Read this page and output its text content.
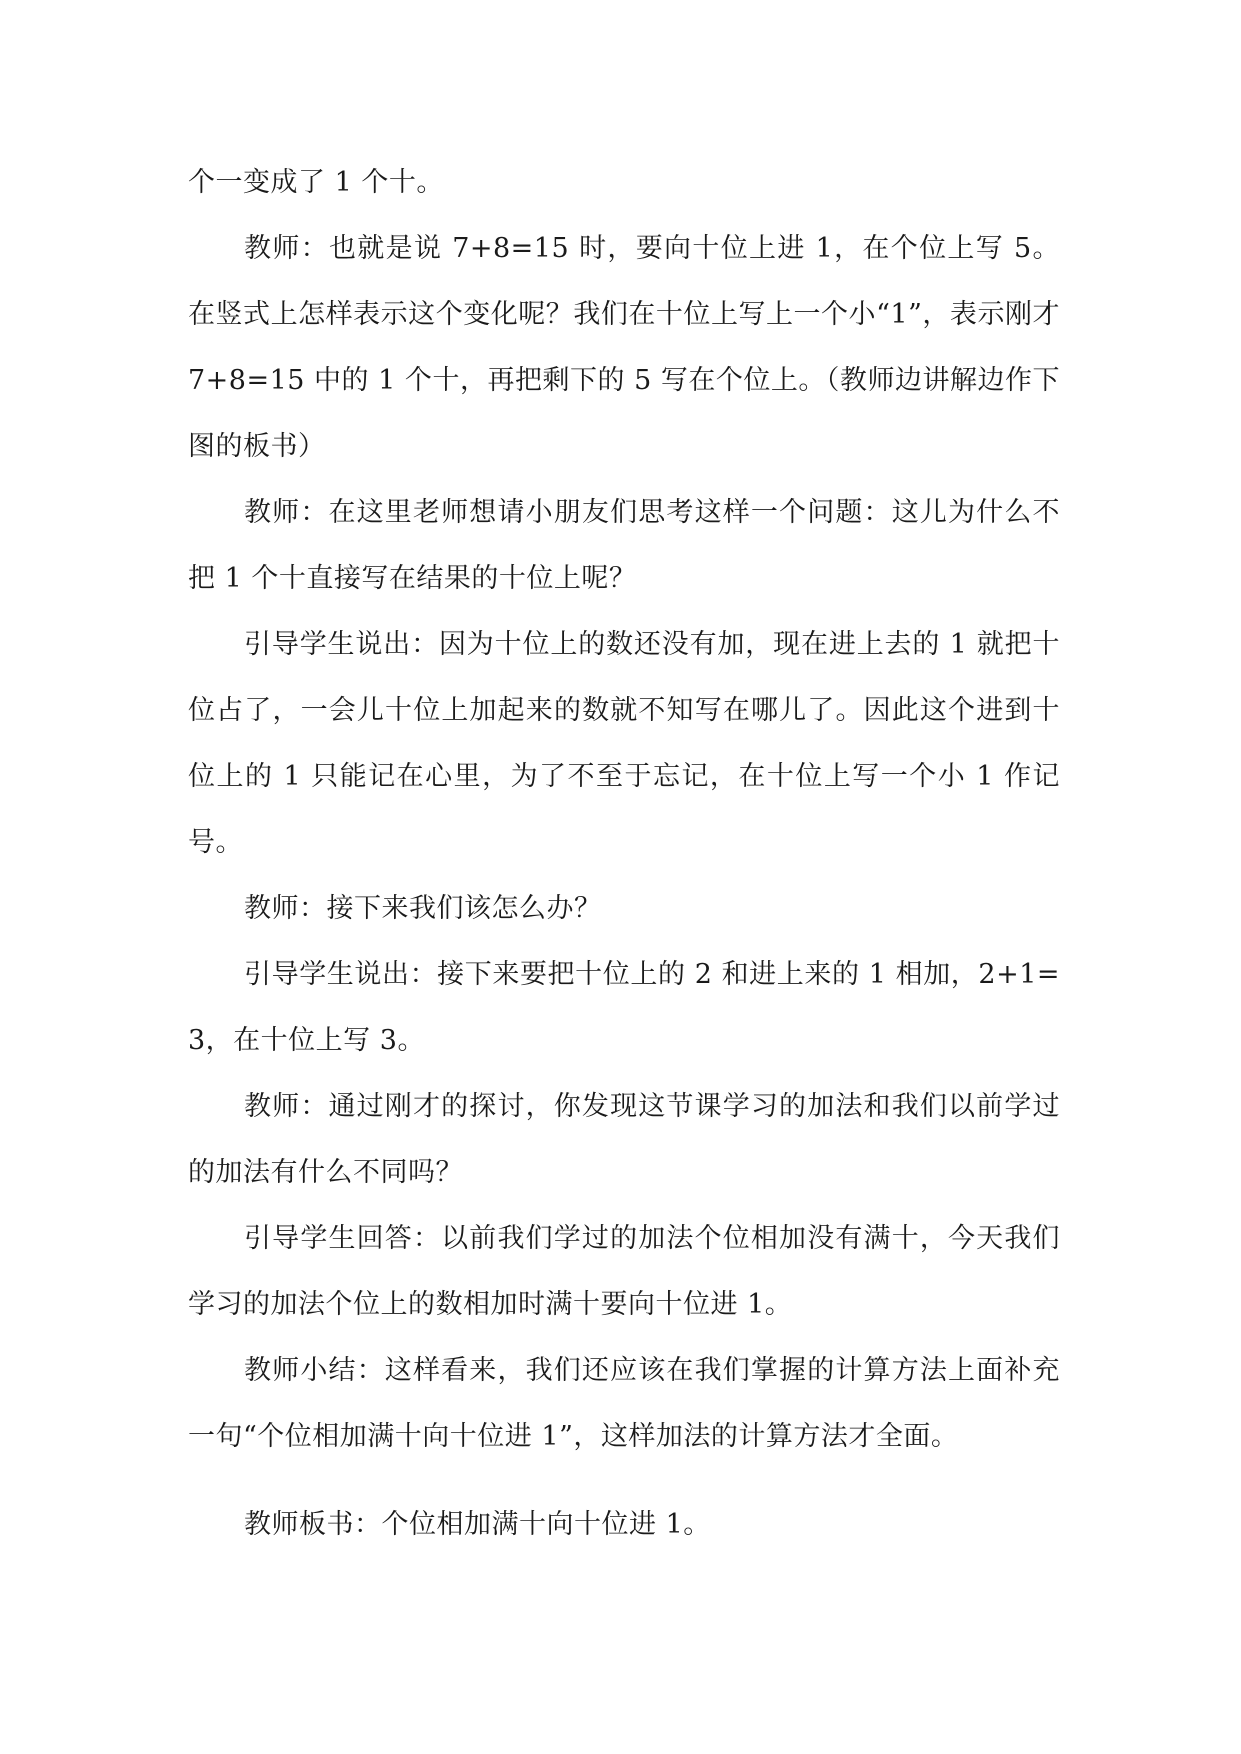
个一变成了 1 个十。

教师：也就是说 7+8=15 时，要向十位上进 1，在个位上写 5。在竖式上怎样表示这个变化呢？我们在十位上写上一个小“1”，表示刚才 7+8=15 中的 1 个十，再把剩下的 5 写在个位上。（教师边讲解边作下图的板书）

教师：在这里老师想请小朋友们思考这样一个问题：这儿为什么不把 1 个十直接写在结果的十位上呢？

引导学生说出：因为十位上的数还没有加，现在进上去的 1 就把十位占了，一会儿十位上加起来的数就不知写在哪儿了。因此这个进到十位上的 1 只能记在心里，为了不至于忘记，在十位上写一个小 1 作记号。

教师：接下来我们该怎么办？

引导学生说出：接下来要把十位上的 2 和进上来的 1 相加，2+1=3，在十位上写 3。

教师：通过刚才的探讨，你发现这节课学习的加法和我们以前学过的加法有什么不同吗？

引导学生回答：以前我们学过的加法个位相加没有满十，今天我们学习的加法个位上的数相加时满十要向十位进 1。

教师小结：这样看来，我们还应该在我们掌握的计算方法上面补充一句“个位相加满十向十位进 1”，这样加法的计算方法才全面。

教师板书：个位相加满十向十位进 1。
